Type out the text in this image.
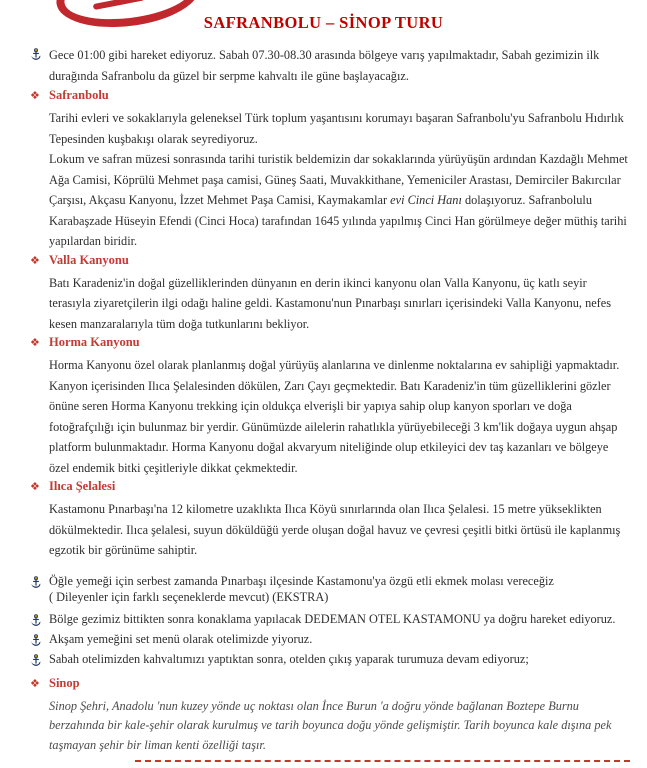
SAFRANBOLU – SİNOP TURU

Gece 01:00 gibi hareket ediyoruz. Sabah 07.30-08.30 arasında bölgeye varış yapılmaktadır, Sabah gezimizin ilk durağında Safranbolu da güzel bir serpme kahvaltı ile güne başlayacağız.

❖ Safranbolu

Tarihi evleri ve sokaklarıyla geleneksel Türk toplum yaşantısını korumayı başaran Safranbolu'yu Safranbolu Hıdırlık Tepesinden kuşbakışı olarak seyrediyoruz.

Lokum ve safran müzesi sonrasında tarihi turistik beldemizin dar sokaklarında yürüyüşün ardından Kazdağlı Mehmet Ağa Camisi, Köprülü Mehmet paşa camisi, Güneş Saati, Muvakkithane, Yemeniciler Arastası, Demirciler Bakırcılar Çarşısı, Akçasu Kanyonu, İzzet Mehmet Paşa Camisi, Kaymakamlar evi Cinci Hanı dolaşıyoruz. Safranbolulu Karabaşzade Hüseyin Efendi (Cinci Hoca) tarafından 1645 yılında yapılmış Cinci Han görülmeye değer müthiş tarihi yapılardan biridir.

❖ Valla Kanyonu

Batı Karadeniz'in doğal güzelliklerinden dünyanın en derin ikinci kanyonu olan Valla Kanyonu, üç katlı seyir terasıyla ziyaretçilerin ilgi odağı haline geldi. Kastamonu'nun Pınarbaşı sınırları içerisindeki Valla Kanyonu, nefes kesen manzaralarıyla tüm doğa tutkunlarını bekliyor.

❖ Horma Kanyonu

Horma Kanyonu özel olarak planlanmış doğal yürüyüş alanlarına ve dinlenme noktalarına ev sahipliği yapmaktadır. Kanyon içerisinden Ilıca Şelalesinden dökülen, Zarı Çayı geçmektedir. Batı Karadeniz'in tüm güzelliklerini gözler önüne seren Horma Kanyonu trekking için oldukça elverişli bir yapıya sahip olup kanyon sporları ve doğa fotoğrafçılığı için bulunmaz bir yerdir. Günümüzde ailelerin rahatlıkla yürüyebileceği 3 km'lik doğaya uygun ahşap platform bulunmaktadır. Horma Kanyonu doğal akvaryum niteliğinde olup etkileyici dev taş kazanları ve bölgeye özel endemik bitki çeşitleriyle dikkat çekmektedir.

❖ Ilıca Şelalesi

Kastamonu Pınarbaşı'na 12 kilometre uzaklıkta Ilıca Köyü sınırlarında olan Ilıca Şelalesi. 15 metre yükseklikten dökülmektedir. Ilıca şelalesi, suyun döküldüğü yerde oluşan doğal havuz ve çevresi çeşitli bitki örtüsü ile kaplanmış egzotik bir görünüme sahiptir.

Öğle yemeği için serbest zamanda Pınarbaşı ilçesinde Kastamonu'ya özgü etli ekmek molası vereceğiz
( Dileyenler için farklı seçeneklerde mevcut) (EKSTRA)

Bölge gezimiz bittikten sonra konaklama yapılacak DEDEMAN OTEL KASTAMONU ya doğru hareket ediyoruz.

Akşam yemeğini set menü olarak otelimizde yiyoruz.

Sabah otelimizden kahvaltımızı yaptıktan sonra, otelden çıkış yaparak turumuza devam ediyoruz;

❖ Sinop

Sinop Şehri, Anadolu 'nun kuzey yönde uç noktası olan İnce Burun 'a doğru yönde bağlanan Boztepe Burnu berzahında bir kale-şehir olarak kurulmuş ve tarih boyunca doğu yönde gelişmiştir. Tarih boyunca kale dışına pek taşmayan şehir bir liman kenti özelliği taşır.
